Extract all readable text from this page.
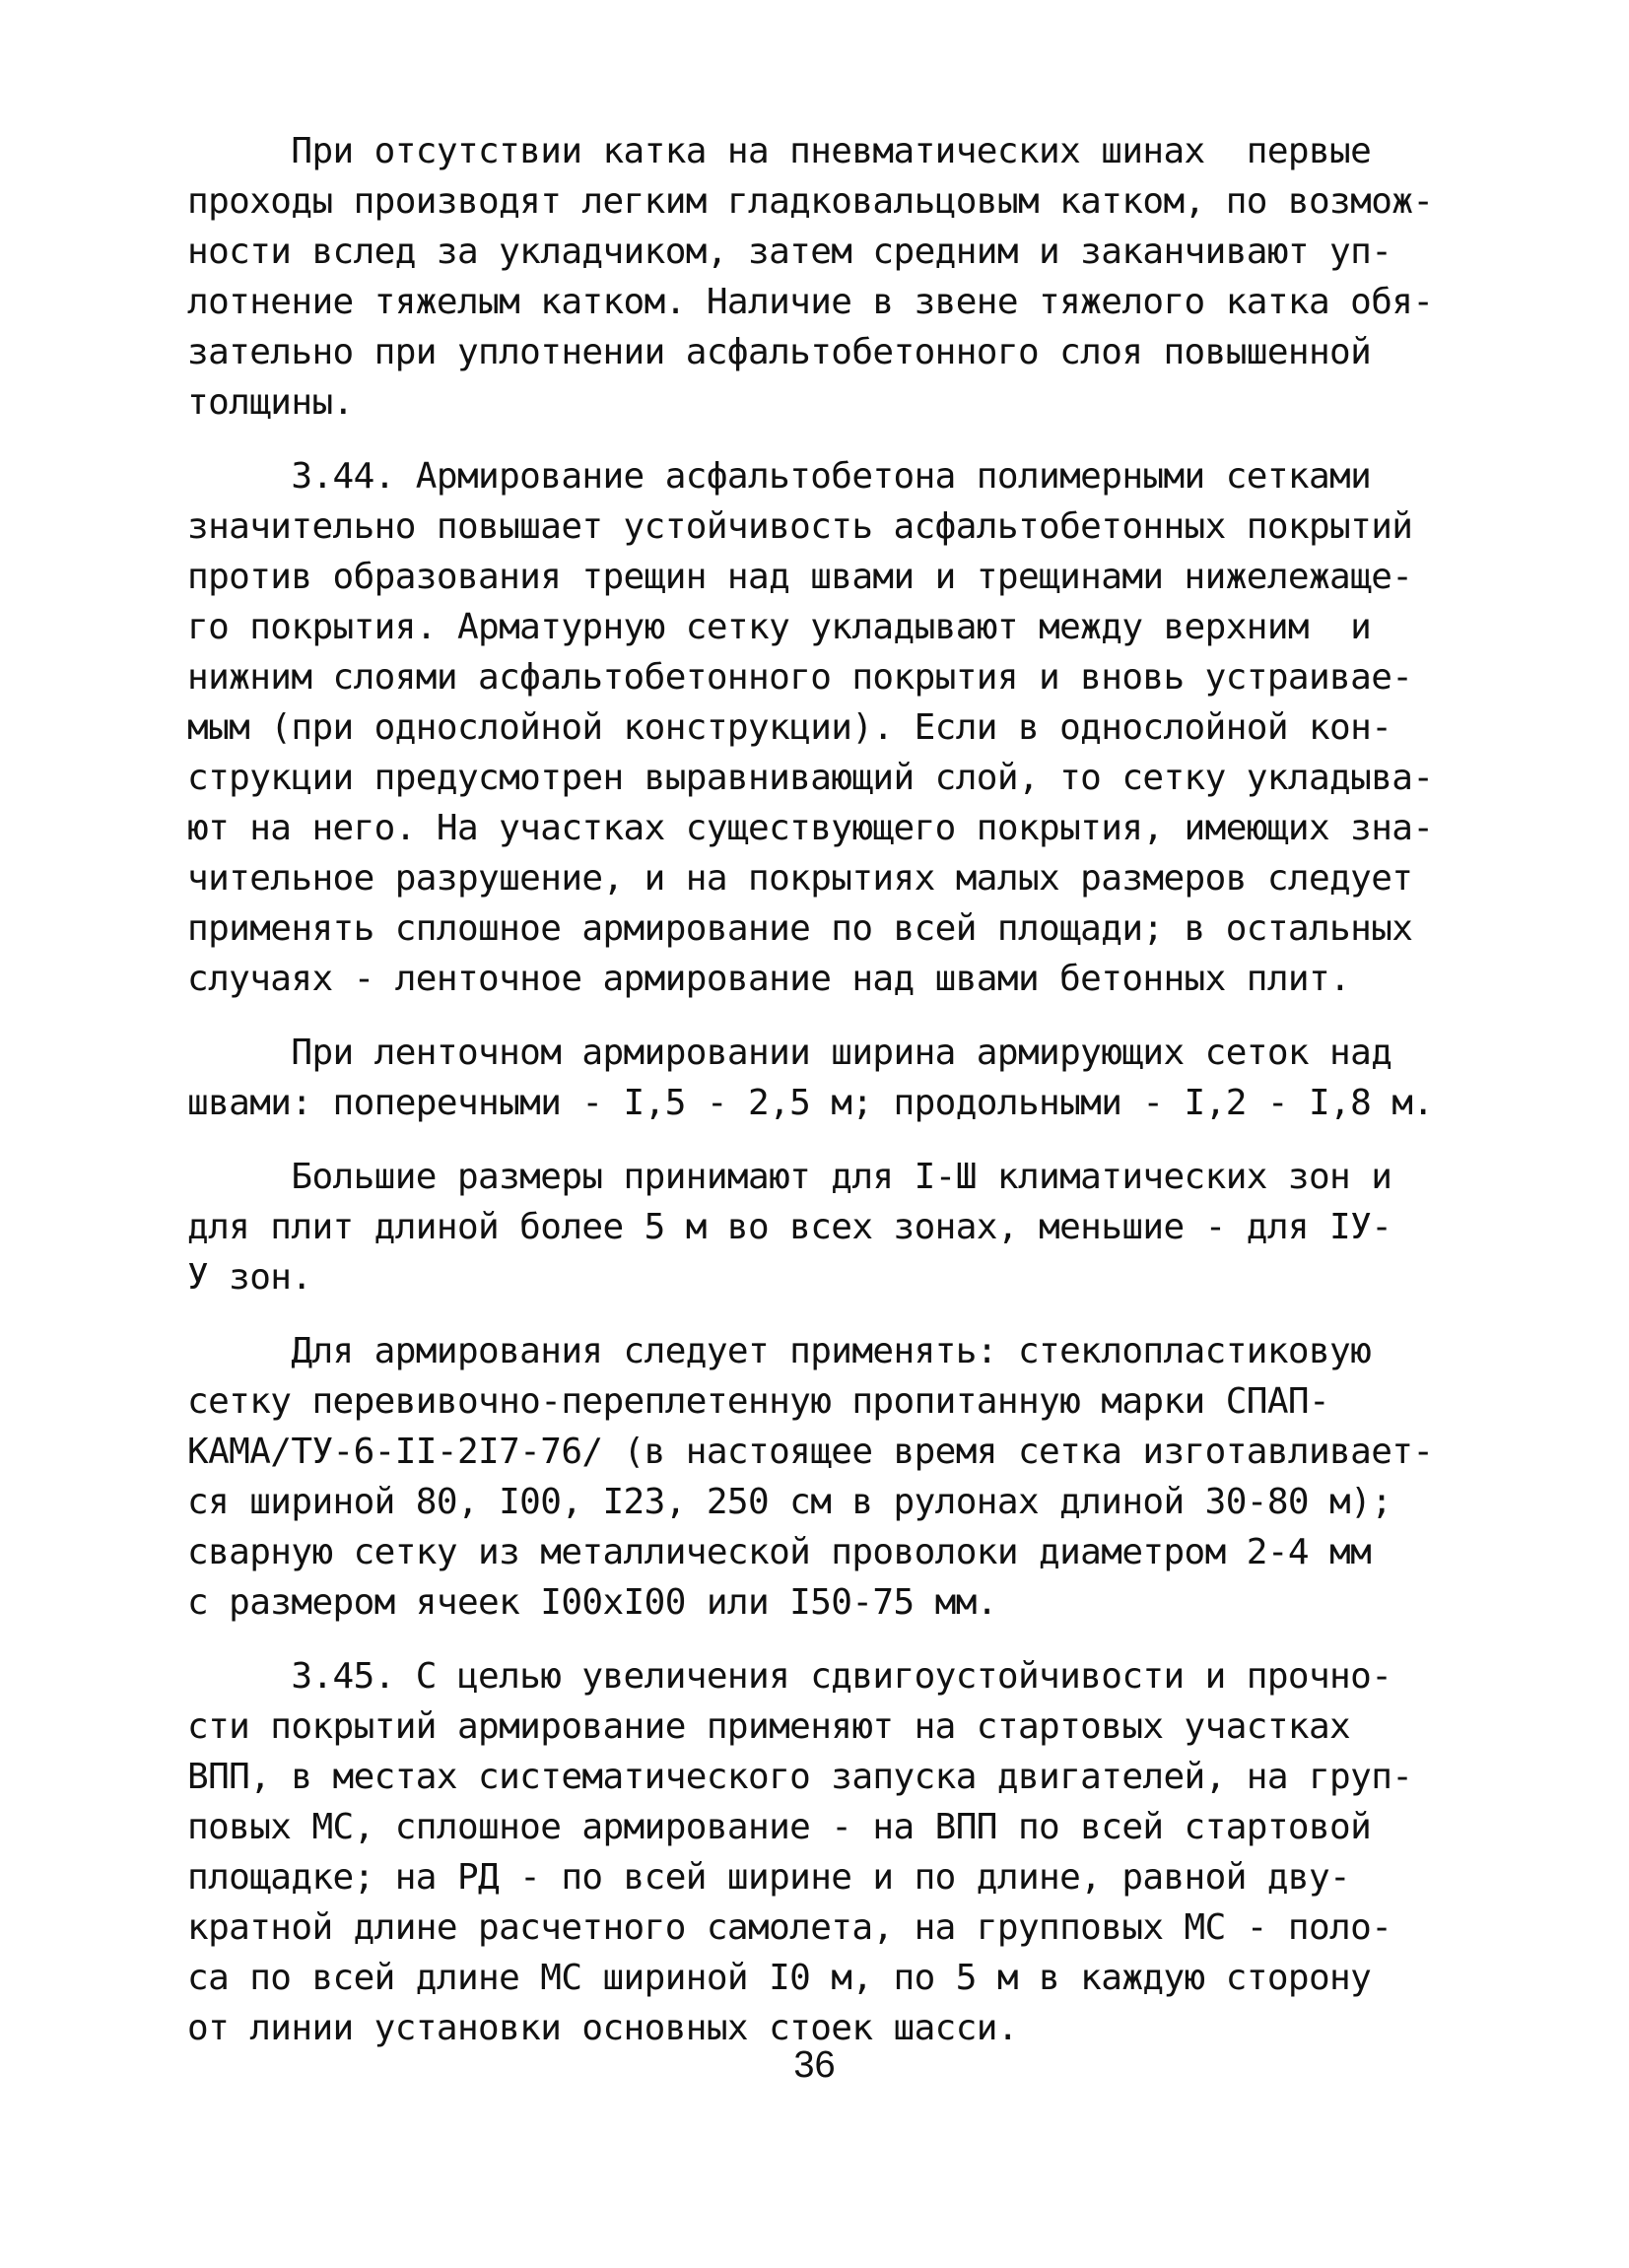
При отсутствии катка на пневматических шинах  первые
проходы производят легким гладковальцовым катком, по возмож-
ности вслед за укладчиком, затем средним и заканчивают уп-
лотнение тяжелым катком. Наличие в звене тяжелого катка обя-
зательно при уплотнении асфальтобетонного слоя повышенной
толщины.

3.44. Армирование асфальтобетона полимерными сетками
значительно повышает устойчивость асфальтобетонных покрытий
против образования трещин над швами и трещинами нижележаще-
го покрытия. Арматурную сетку укладывают между верхним  и
нижним слоями асфальтобетонного покрытия и вновь устраивае-
мым (при однослойной конструкции). Если в однослойной кон-
струкции предусмотрен выравнивающий слой, то сетку укладыва-
ют на него. На участках существующего покрытия, имеющих зна-
чительное разрушение, и на покрытиях малых размеров следует
применять сплошное армирование по всей площади; в остальных
случаях - ленточное армирование над швами бетонных плит.

При ленточном армировании ширина армирующих сеток над
швами: поперечными - I,5 - 2,5 м; продольными - I,2 - I,8 м.

Большие размеры принимают для I-Ш климатических зон и
для плит длиной более 5 м во всех зонах, меньшие - для IУ-
У зон.

Для армирования следует применять: стеклопластиковую
сетку перевивочно-переплетенную пропитанную марки СПАП-
КАМА/ТУ-6-II-2I7-76/ (в настоящее время сетка изготавливает-
ся шириной 80, I00, I23, 250 см в рулонах длиной 30-80 м);
сварную сетку из металлической проволоки диаметром 2-4 мм
с размером ячеек I00хI00 или I50-75 мм.

3.45. С целью увеличения сдвигоустойчивости и прочно-
сти покрытий армирование применяют на стартовых участках
ВПП, в местах систематического запуска двигателей, на груп-
повых МС, сплошное армирование - на ВПП по всей стартовой
площадке; на РД - по всей ширине и по длине, равной дву-
кратной длине расчетного самолета, на групповых МС - поло-
са по всей длине МС шириной I0 м, по 5 м в каждую сторону
от линии установки основных стоек шасси.

36
